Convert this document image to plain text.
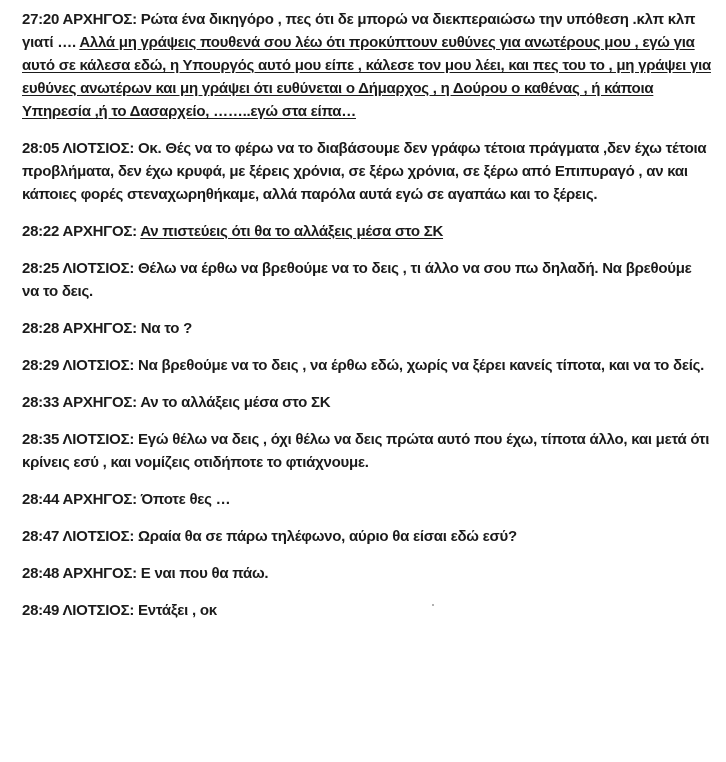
27:20 ΑΡΧΗΓΟΣ: Ρώτα ένα δικηγόρο , πες ότι δε μπορώ να διεκπεραιώσω την υπόθεση .κλπ κλπ γιατί …. Αλλά μη γράψεις πουθενά σου λέω ότι προκύπτουν ευθύνες για ανωτέρους μου , εγώ για αυτό σε κάλεσα εδώ, η Υπουργός αυτό μου είπε , κάλεσε τον μου λέει, και πες του το , μη γράψει για ευθύνες ανωτέρων και μη γράψει ότι ευθύνεται ο Δήμαρχος , η Δούρου ο καθένας , ή κάποια Υπηρεσία ,ή το Δασαρχείο, ……..εγώ στα είπα…
28:05 ΛΙΟΤΣΙΟΣ: Οκ. Θές να το φέρω να το διαβάσουμε δεν γράφω τέτοια πράγματα ,δεν έχω τέτοια προβλήματα, δεν έχω κρυφά, με ξέρεις χρόνια, σε ξέρω χρόνια, σε ξέρω από Επιπυραγό , αν και κάποιες φορές στεναχωρηθήκαμε, αλλά παρόλα αυτά εγώ σε αγαπάω και το ξέρεις.
28:22 ΑΡΧΗΓΟΣ: Αν πιστεύεις ότι θα το αλλάξεις μέσα στο ΣΚ
28:25 ΛΙΟΤΣΙΟΣ: Θέλω να έρθω να βρεθούμε να το δεις , τι άλλο να σου πω δηλαδή. Να βρεθούμε να το δεις.
28:28 ΑΡΧΗΓΟΣ: Να το ?
28:29 ΛΙΟΤΣΙΟΣ: Να βρεθούμε να το δεις , να έρθω εδώ, χωρίς να ξέρει κανείς τίποτα, και να το δείς.
28:33 ΑΡΧΗΓΟΣ: Αν το αλλάξεις μέσα στο ΣΚ
28:35 ΛΙΟΤΣΙΟΣ: Εγώ θέλω να δεις , όχι θέλω να δεις πρώτα αυτό που έχω, τίποτα άλλο, και μετά ότι κρίνεις εσύ , και νομίζεις οτιδήποτε το φτιάχνουμε.
28:44 ΑΡΧΗΓΟΣ: Όποτε θες …
28:47 ΛΙΟΤΣΙΟΣ: Ωραία θα σε πάρω τηλέφωνο, αύριο θα είσαι εδώ εσύ?
28:48 ΑΡΧΗΓΟΣ: Ε ναι που θα πάω.
28:49 ΛΙΟΤΣΙΟΣ: Εντάξει , οκ
